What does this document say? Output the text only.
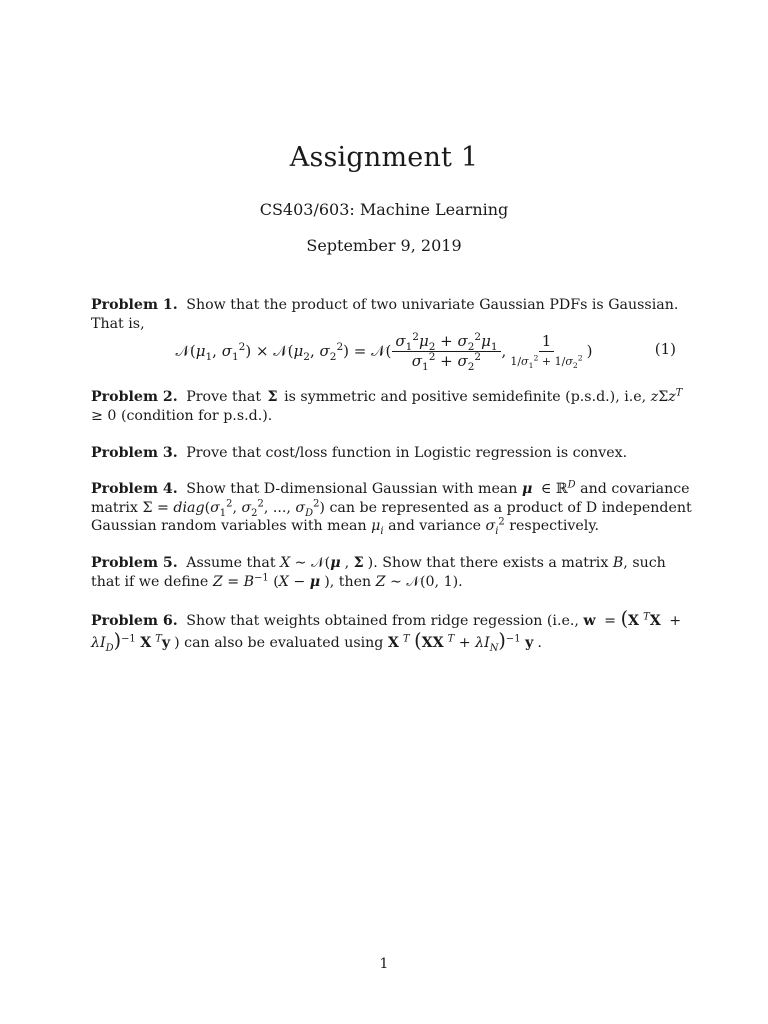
Assignment 1
CS403/603: Machine Learning
September 9, 2019
Problem 1. Show that the product of two univariate Gaussian PDFs is Gaussian. That is,
$𝒩(\mu_1$, $\sigma_1^2$) × $𝒩(\mu_2$, $\sigma_2^2$) = 𝒩( $\frac{\sigma_1^2\mu_2 + \sigma_2^2\mu_1}{\sigma_1^2 + \sigma_2^2}$ , $\frac{1}{1/\sigma_1^2 + 1/\sigma_2^2}$ )	(1)
Problem 2. Prove that Σ is symmetric and positive semidefinite (p.s.d.), i.e, zΣz$^T$ ≥ 0 (condition for p.s.d.).
Problem 3. Prove that cost/loss function in Logistic regression is convex.
Problem 4. Show that D-dimensional Gaussian with mean μ ∈ ℝ$^D$ and covariance matrix $\Sigma = diag(\sigma_1^2$, $\sigma_2^2$, ..., $\sigma_D^2$) can be represented as a product of D independent Gaussian random variables with mean $\mu_i$ and variance $\sigma_i^2$ respectively.
Problem 5. Assume that X ∼ 𝒩(μ , Σ ). Show that there exists a matrix B, such that if we define $Z = B^{-1}$ (X − μ ), then Z ∼ 𝒩(0, 1).
Problem 6. Show that weights obtained from ridge regession (i.e., w = (X $^TX + \lambda I_D)^{-1}$ X $^T$y ) can also be evaluated using X $^T$ (XX $^T + \lambda I_N)^{-1}$ y .
1
